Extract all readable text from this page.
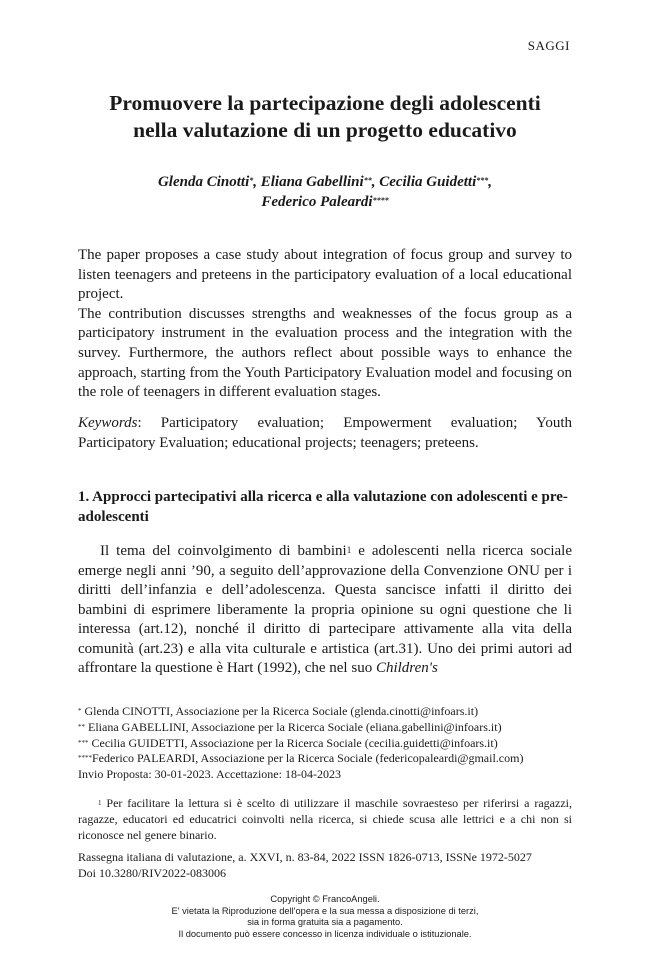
SAGGI
Promuovere la partecipazione degli adolescenti
nella valutazione di un progetto educativo
Glenda Cinotti*, Eliana Gabellini**, Cecilia Guidetti***,
Federico Paleardi****

The paper proposes a case study about integration of focus group and survey to listen teenagers and preteens in the participatory evaluation of a local educational project.

The contribution discusses strengths and weaknesses of the focus group as a participatory instrument in the evaluation process and the integration with the survey. Furthermore, the authors reflect about possible ways to enhance the approach, starting from the Youth Participatory Evaluation model and focusing on the role of teenagers in different evaluation stages.

Keywords: Participatory evaluation; Empowerment evaluation; Youth Participatory Evaluation; educational projects; teenagers; preteens.
1. Approcci partecipativi alla ricerca e alla valutazione con adolescenti e pre-adolescenti

Il tema del coinvolgimento di bambini$^1$ e adolescenti nella ricerca sociale emerge negli anni ’90, a seguito dell’approvazione della Convenzione ONU per i diritti dell’infanzia e dell’adolescenza. Questa sancisce infatti il diritto dei bambini di esprimere liberamente la propria opinione su ogni questione che li interessa (art.12), nonché il diritto di partecipare attivamente alla vita della comunità (art.23) e alla vita culturale e artistica (art.31). Uno dei primi autori ad affrontare la questione è Hart (1992), che nel suo Children's

* Glenda CINOTTI, Associazione per la Ricerca Sociale (glenda.cinotti@infoars.it)
** Eliana GABELLINI, Associazione per la Ricerca Sociale (eliana.gabellini@infoars.it)
*** Cecilia GUIDETTI, Associazione per la Ricerca Sociale (cecilia.guidetti@infoars.it)
****Federico PALEARDI, Associazione per la Ricerca Sociale (federicopaleardi@gmail.com)
Invio Proposta: 30-01-2023. Accettazione: 18-04-2023
$^1$ Per facilitare la lettura si è scelto di utilizzare il maschile sovraesteso per riferirsi a ragazzi, ragazze, educatori ed educatrici coinvolti nella ricerca, si chiede scusa alle lettrici e a chi non si riconosce nel genere binario.
Rassegna italiana di valutazione, a. XXVI, n. 83-84, 2022 ISSN 1826-0713, ISSNe 1972-5027
Doi 10.3280/RIV2022-083006
Copyright © FrancoAngeli.
E' vietata la Riproduzione dell'opera e la sua messa a disposizione di terzi,
sia in forma gratuita sia a pagamento.
Il documento può essere concesso in licenza individuale o istituzionale.
